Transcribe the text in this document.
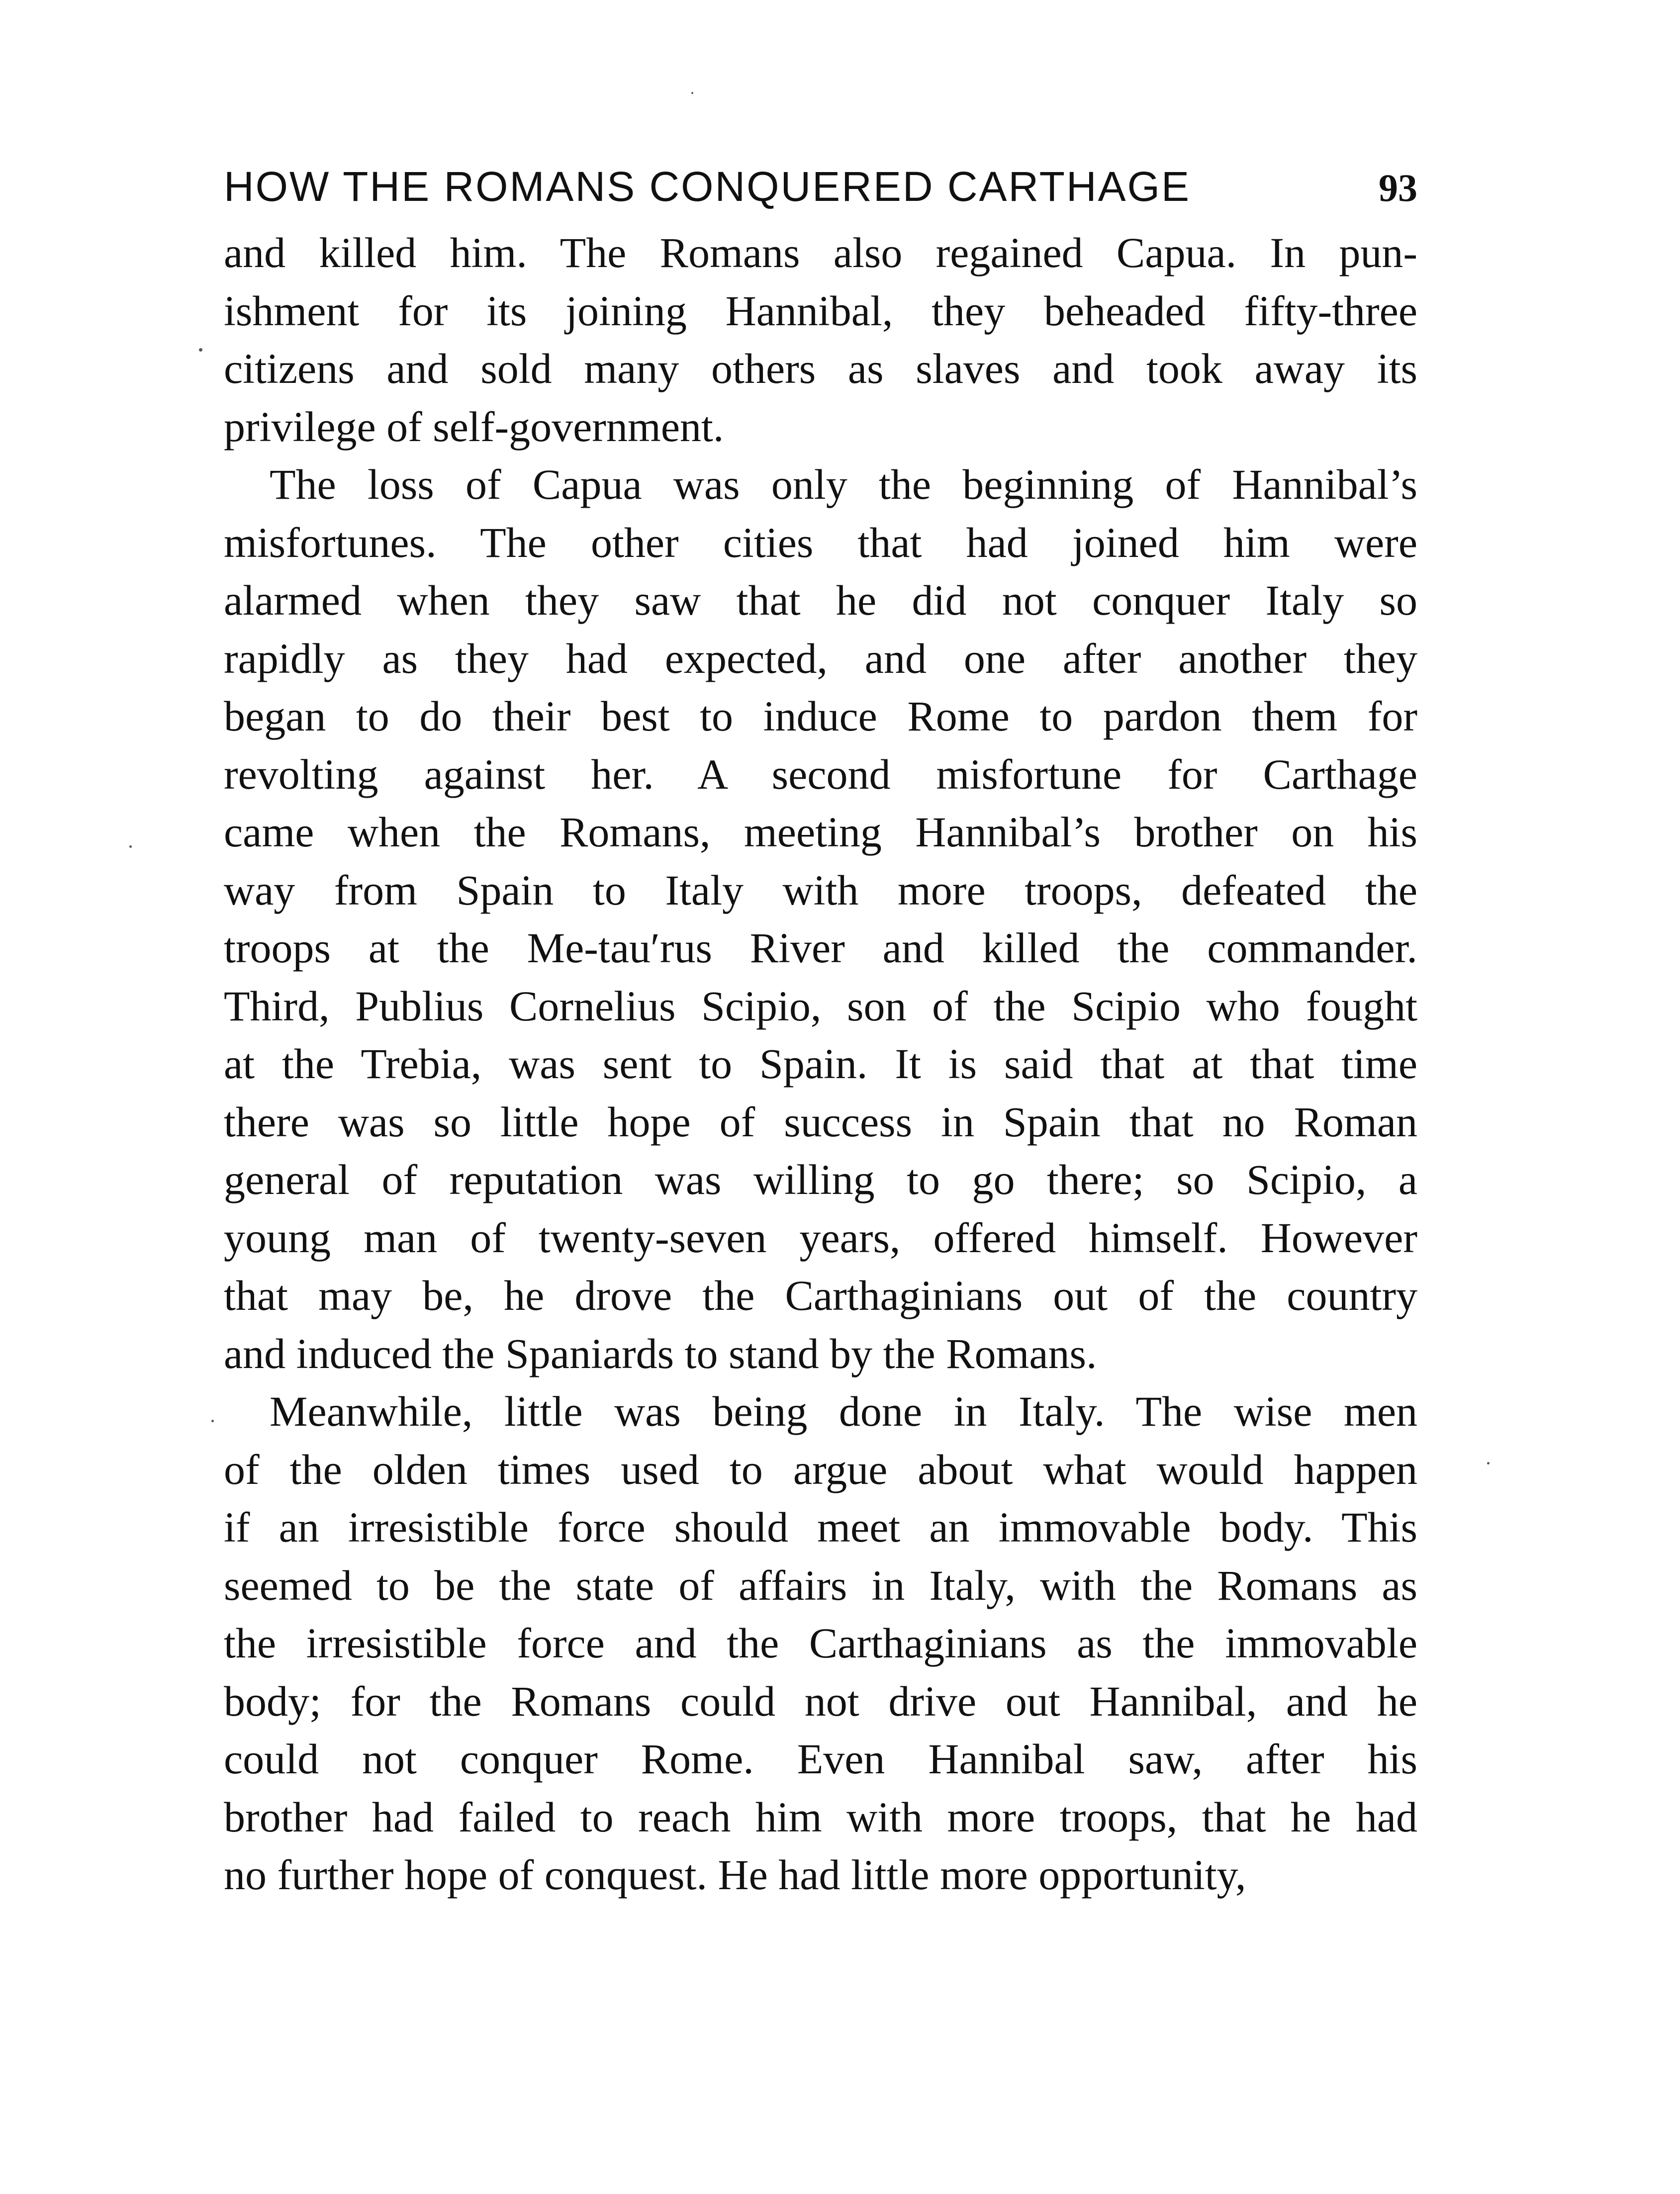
HOW THE ROMANS CONQUERED CARTHAGE	93
and killed him. The Romans also regained Capua. In pun-
ishment for its joining Hannibal, they beheaded fifty-three
citizens and sold many others as slaves and took away its
privilege of self-government.
The loss of Capua was only the beginning of Hannibal’s
misfortunes. The other cities that had joined him were
alarmed when they saw that he did not conquer Italy so
rapidly as they had expected, and one after another they
began to do their best to induce Rome to pardon them for
revolting against her. A second misfortune for Carthage
came when the Romans, meeting Hannibal’s brother on his
way from Spain to Italy with more troops, defeated the
troops at the Me-tau′rus River and killed the commander.
Third, Publius Cornelius Scipio, son of the Scipio who fought
at the Trebia, was sent to Spain. It is said that at that time
there was so little hope of success in Spain that no Roman
general of reputation was willing to go there; so Scipio, a
young man of twenty-seven years, offered himself. However
that may be, he drove the Carthaginians out of the country
and induced the Spaniards to stand by the Romans.
Meanwhile, little was being done in Italy. The wise men
of the olden times used to argue about what would happen
if an irresistible force should meet an immovable body. This
seemed to be the state of affairs in Italy, with the Romans as
the irresistible force and the Carthaginians as the immovable
body; for the Romans could not drive out Hannibal, and he
could not conquer Rome. Even Hannibal saw, after his
brother had failed to reach him with more troops, that he had
no further hope of conquest. He had little more opportunity,
